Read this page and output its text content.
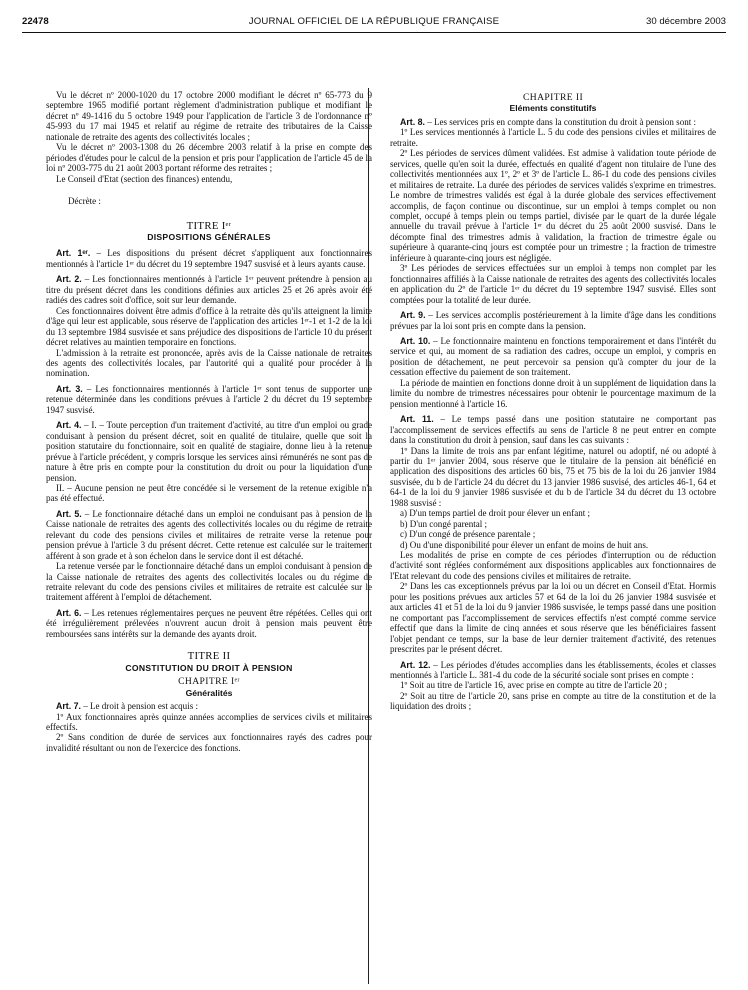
22478	JOURNAL OFFICIEL DE LA RÉPUBLIQUE FRANÇAISE	30 décembre 2003

Vu le décret nº 2000-1020 du 17 octobre 2000 modifiant le décret nº 65-773 du 9 septembre 1965 modifié portant règlement d'administration publique et modifiant le décret nº 49-1416 du 5 octobre 1949 pour l'application de l'article 3 de l'ordonnance nº 45-993 du 17 mai 1945 et relatif au régime de retraite des tributaires de la Caisse nationale de retraite des agents des collectivités locales ;

Vu le décret nº 2003-1308 du 26 décembre 2003 relatif à la prise en compte des périodes d'études pour le calcul de la pension et pris pour l'application de l'article 45 de la loi nº 2003-775 du 21 août 2003 portant réforme des retraites ;

Le Conseil d'Etat (section des finances) entendu,

Décrète :

TITRE Iᵉʳ
DISPOSITIONS GÉNÉRALES

Art. 1ᵉʳ. – Les dispositions du présent décret s'appliquent aux fonctionnaires mentionnés à l'article 1ᵉʳ du décret du 19 septembre 1947 susvisé et à leurs ayants cause.

Art. 2. – Les fonctionnaires mentionnés à l'article 1ᵉʳ peuvent prétendre à pension au titre du présent décret dans les conditions définies aux articles 25 et 26 après avoir été radiés des cadres soit d'office, soit sur leur demande.

Ces fonctionnaires doivent être admis d'office à la retraite dès qu'ils atteignent la limite d'âge qui leur est applicable, sous réserve de l'application des articles 1ᵉʳ-1 et 1-2 de la loi du 13 septembre 1984 susvisée et sans préjudice des dispositions de l'article 10 du présent décret relatives au maintien temporaire en fonctions.

L'admission à la retraite est prononcée, après avis de la Caisse nationale de retraites des agents des collectivités locales, par l'autorité qui a qualité pour procéder à la nomination.

Art. 3. – Les fonctionnaires mentionnés à l'article 1ᵉʳ sont tenus de supporter une retenue déterminée dans les conditions prévues à l'article 2 du décret du 19 septembre 1947 susvisé.

Art. 4. – I. – Toute perception d'un traitement d'activité, au titre d'un emploi ou grade conduisant à pension du présent décret, soit en qualité de titulaire, quelle que soit la position statutaire du fonctionnaire, soit en qualité de stagiaire, donne lieu à la retenue prévue à l'article précédent, y compris lorsque les services ainsi rémunérés ne sont pas de nature à être pris en compte pour la constitution du droit ou pour la liquidation d'une pension.

II. – Aucune pension ne peut être concédée si le versement de la retenue exigible n'a pas été effectué.

Art. 5. – Le fonctionnaire détaché dans un emploi ne conduisant pas à pension de la Caisse nationale de retraites des agents des collectivités locales ou du régime de retraite relevant du code des pensions civiles et militaires de retraite verse la retenue pour pension prévue à l'article 3 du présent décret. Cette retenue est calculée sur le traitement afférent à son grade et à son échelon dans le service dont il est détaché.

La retenue versée par le fonctionnaire détaché dans un emploi conduisant à pension de la Caisse nationale de retraites des agents des collectivités locales ou du régime de retraite relevant du code des pensions civiles et militaires de retraite est calculée sur le traitement afférent à l'emploi de détachement.

Art. 6. – Les retenues réglementaires perçues ne peuvent être répétées. Celles qui ont été irrégulièrement prélevées n'ouvrent aucun droit à pension mais peuvent être remboursées sans intérêts sur la demande des ayants droit.

TITRE II
CONSTITUTION DU DROIT À PENSION
CHAPITRE Iᵉʳ
Généralités

Art. 7. – Le droit à pension est acquis :

1º Aux fonctionnaires après quinze années accomplies de services civils et militaires effectifs.

2º Sans condition de durée de services aux fonctionnaires rayés des cadres pour invalidité résultant ou non de l'exercice des fonctions.

CHAPITRE II
Eléments constitutifs

Art. 8. – Les services pris en compte dans la constitution du droit à pension sont :

1º Les services mentionnés à l'article L. 5 du code des pensions civiles et militaires de retraite.

2º Les périodes de services dûment validées. Est admise à validation toute période de services, quelle qu'en soit la durée, effectués en qualité d'agent non titulaire de l'une des collectivités mentionnées aux 1º, 2º et 3º de l'article L. 86-1 du code des pensions civiles et militaires de retraite. La durée des périodes de services validés s'exprime en trimestres. Le nombre de trimestres validés est égal à la durée globale des services effectivement accomplis, de façon continue ou discontinue, sur un emploi à temps complet ou non complet, occupé à temps plein ou temps partiel, divisée par le quart de la durée légale annuelle du travail prévue à l'article 1ᵉʳ du décret du 25 août 2000 susvisé. Dans le décompte final des trimestres admis à validation, la fraction de trimestre égale ou supérieure à quarante-cinq jours est comptée pour un trimestre ; la fraction de trimestre inférieure à quarante-cinq jours est négligée.

3º Les périodes de services effectuées sur un emploi à temps non complet par les fonctionnaires affiliés à la Caisse nationale de retraites des agents des collectivités locales en application du 2º de l'article 1ᵉʳ du décret du 19 septembre 1947 susvisé. Elles sont comptées pour la totalité de leur durée.

Art. 9. – Les services accomplis postérieurement à la limite d'âge dans les conditions prévues par la loi sont pris en compte dans la pension.

Art. 10. – Le fonctionnaire maintenu en fonctions temporairement et dans l'intérêt du service et qui, au moment de sa radiation des cadres, occupe un emploi, y compris en position de détachement, ne peut percevoir sa pension qu'à compter du jour de la cessation effective du paiement de son traitement.

La période de maintien en fonctions donne droit à un supplément de liquidation dans la limite du nombre de trimestres nécessaires pour obtenir le pourcentage maximum de la pension mentionné à l'article 16.

Art. 11. – Le temps passé dans une position statutaire ne comportant pas l'accomplissement de services effectifs au sens de l'article 8 ne peut entrer en compte dans la constitution du droit à pension, sauf dans les cas suivants :

1º Dans la limite de trois ans par enfant légitime, naturel ou adoptif, né ou adopté à partir du 1ᵉʳ janvier 2004, sous réserve que le titulaire de la pension ait bénéficié en application des dispositions des articles 60 bis, 75 et 75 bis de la loi du 26 janvier 1984 susvisée, du b de l'article 24 du décret du 13 janvier 1986 susvisé, des articles 46-1, 64 et 64-1 de la loi du 9 janvier 1986 susvisée et du b de l'article 34 du décret du 13 octobre 1988 susvisé :

a) D'un temps partiel de droit pour élever un enfant ;

b) D'un congé parental ;

c) D'un congé de présence parentale ;

d) Ou d'une disponibilité pour élever un enfant de moins de huit ans.

Les modalités de prise en compte de ces périodes d'interruption ou de réduction d'activité sont réglées conformément aux dispositions applicables aux fonctionnaires de l'Etat relevant du code des pensions civiles et militaires de retraite.

2º Dans les cas exceptionnels prévus par la loi ou un décret en Conseil d'Etat. Hormis pour les positions prévues aux articles 57 et 64 de la loi du 26 janvier 1984 susvisée et aux articles 41 et 51 de la loi du 9 janvier 1986 susvisée, le temps passé dans une position ne comportant pas l'accomplissement de services effectifs n'est compté comme service effectif que dans la limite de cinq années et sous réserve que les bénéficiaires fassent l'objet pendant ce temps, sur la base de leur dernier traitement d'activité, des retenues prescrites par le présent décret.

Art. 12. – Les périodes d'études accomplies dans les établissements, écoles et classes mentionnés à l'article L. 381-4 du code de la sécurité sociale sont prises en compte :

1º Soit au titre de l'article 16, avec prise en compte au titre de l'article 20 ;

2º Soit au titre de l'article 20, sans prise en compte au titre de la constitution et de la liquidation des droits ;
